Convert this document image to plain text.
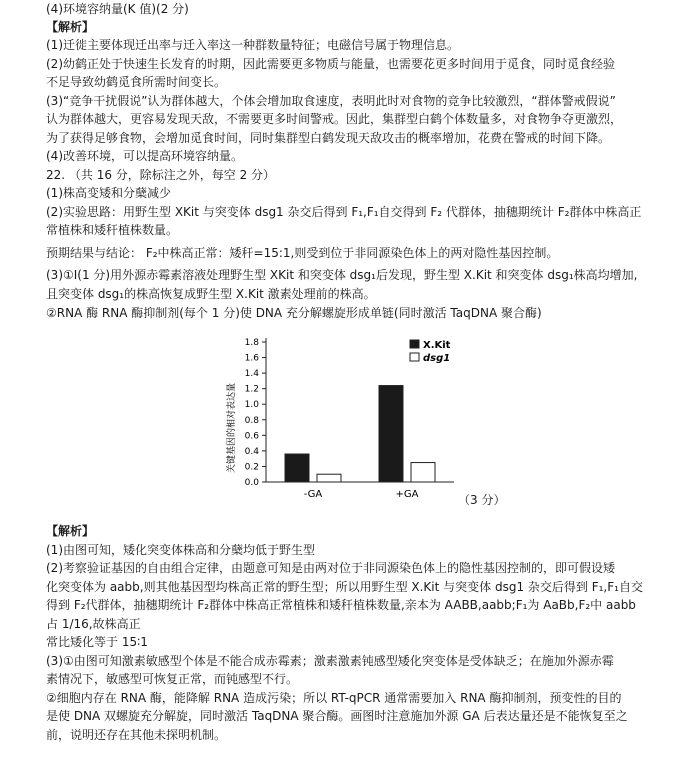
(4)环境容纳量(K 值)(2 分)
【解析】
(1)迁徙主要体现迁出率与迁入率这一种群数量特征；电磁信号属于物理信息。
(2)幼鹤正处于快速生长发育的时期，因此需要更多物质与能量，也需要花更多时间用于觅食，同时觅食经验
不足导致幼鹤觅食所需时间变长。
(3)“竞争干扰假说”认为群体越大，个体会增加取食速度，表明此时对食物的竞争比较激烈，“群体警戒假说”
认为群体越大，更容易发现天敌，不需要更多时间警戒。因此，集群型白鹤个体数量多，对食物争夺更激烈，
为了获得足够食物，会增加觅食时间，同时集群型白鹤发现天敌攻击的概率增加，花费在警戒的时间下降。
(4)改善环境，可以提高环境容纳量。
22. （共 16 分，除标注之外，每空 2 分）
(1)株高变矮和分蘖减少
(2)实验思路：用野生型 XKit 与突变体 dsg1 杂交后得到 F₁,F₁自交得到 F₂ 代群体，抽穗期统计 F₂群体中株高正
常植株和矮秆植株数量。
预期结果与结论： F₂中株高正常：矮秆=15:1,则受到位于非同源染色体上的两对隐性基因控制。
(3)①I(1 分)用外源赤霉素溶液处理野生型 XKit 和突变体 dsg₁后发现，野生型 X.Kit 和突变体 dsg₁株高均增加,
且突变体 dsg₁的株高恢复成野生型 X.Kit 激素处理前的株高。
②RNA 酶 RNA 酶抑制剂(每个 1 分)使 DNA 充分解螺旋形成单链(同时激活 TaqDNA 聚合酶)
关键基因的相对表达量
0.0
0.2
0.4
0.6
0.8
1.0
1.2
1.4
1.6
1.8
-GA	+GA
X.Kit
dsg1
（3 分）
【解析】
(1)由图可知，矮化突变体株高和分蘖均低于野生型
(2)考察验证基因的自由组合定律，由题意可知是由两对位于非同源染色体上的隐性基因控制的，即可假设矮
化突变体为 aabb,则其他基因型均株高正常的野生型；所以用野生型 X.Kit 与突变体 dsg1 杂交后得到 F₁,F₁自交
得到 F₂代群体，抽穗期统计 F₂群体中株高正常植株和矮秆植株数量,亲本为 AABB,aabb;F₁为 AaBb,F₂中 aabb
占 1/16,故株高正
常比矮化等于 15∶1
(3)①由图可知激素敏感型个体是不能合成赤霉素；激素激素钝感型矮化突变体是受体缺乏；在施加外源赤霉
素情况下，敏感型可恢复正常，而钝感型不行。
②细胞内存在 RNA 酶，能降解 RNA 造成污染；所以 RT-qPCR 通常需要加入 RNA 酶抑制剂，预变性的目的
是使 DNA 双螺旋充分解旋，同时激活 TaqDNA 聚合酶。画图时注意施加外源 GA 后表达量还是不能恢复至之
前，说明还存在其他未探明机制。
